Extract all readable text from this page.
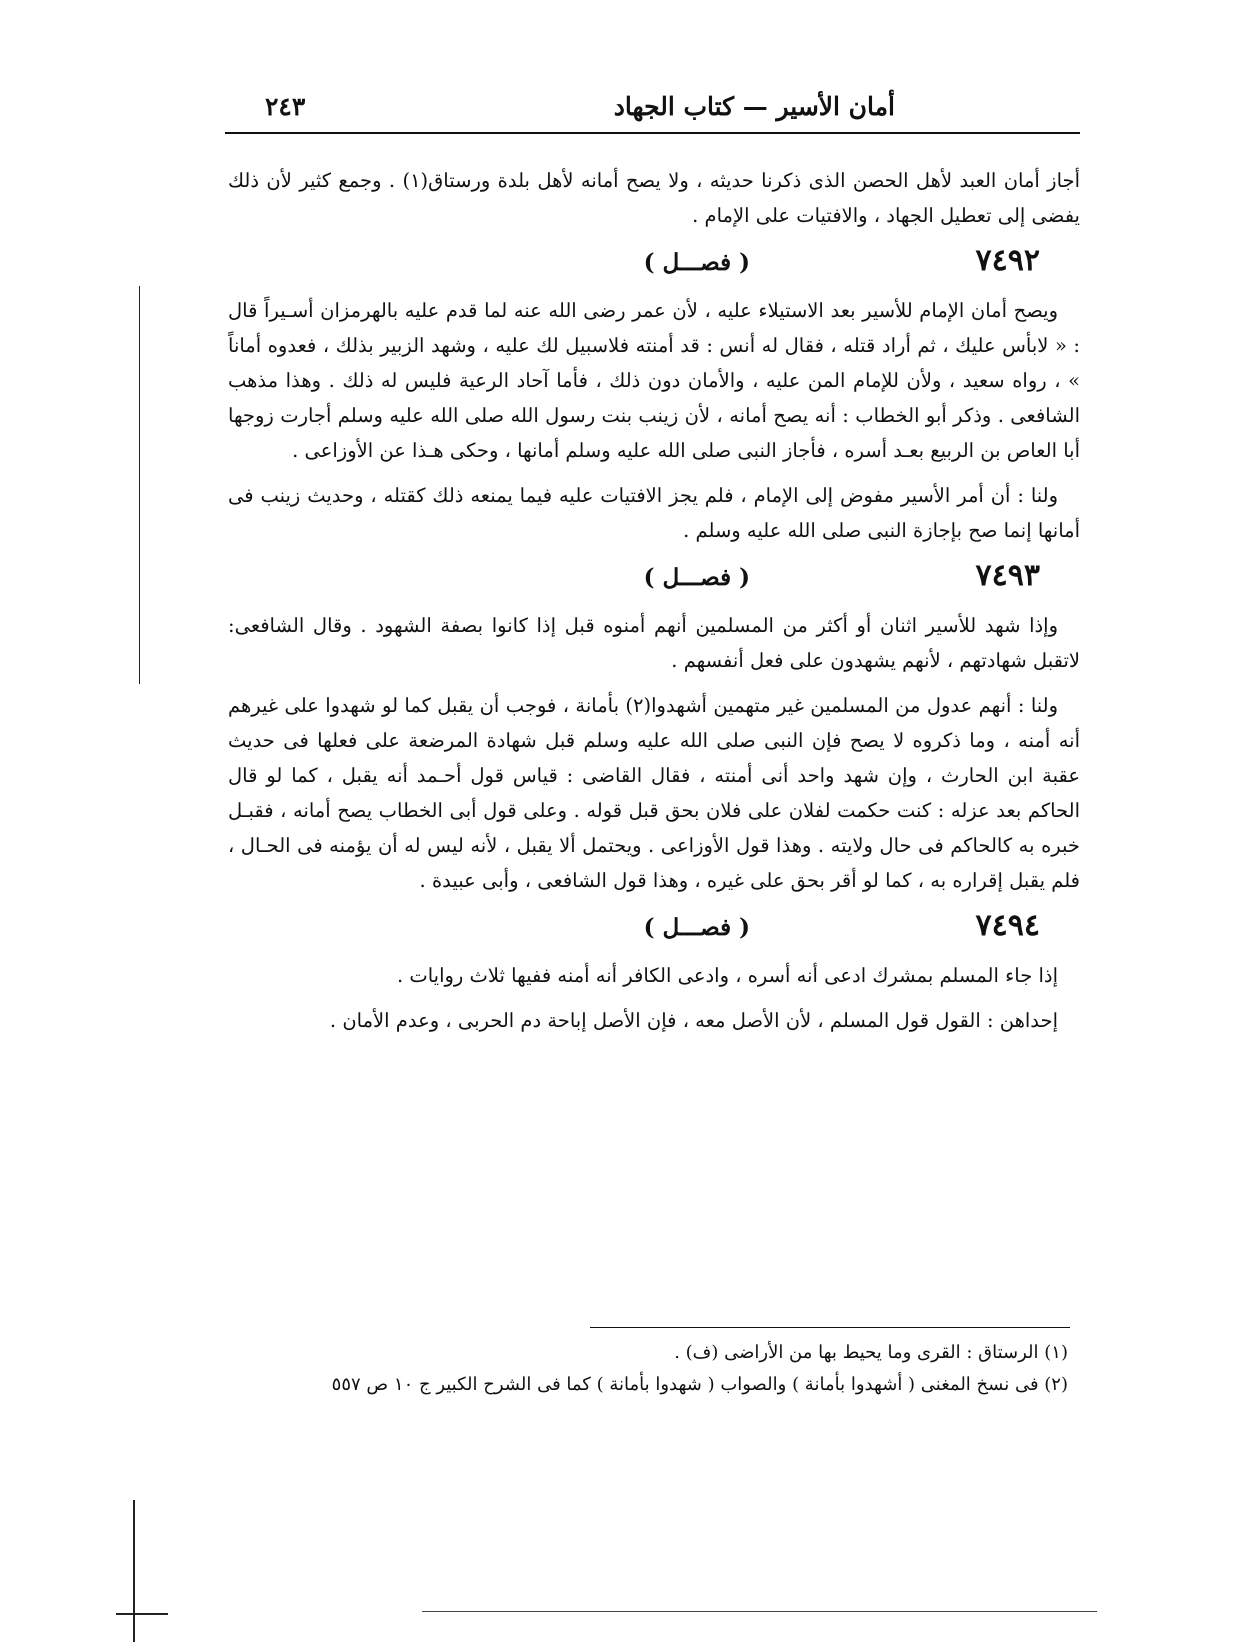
أمان الأسير — كتاب الجهاد
٢٤٣

أجاز أمان العبد لأهل الحصن الذى ذكرنا حديثه ، ولا يصح أمانه لأهل بلدة ورستاق(١) . وجمع كثير لأن ذلك يفضى إلى تعطيل الجهاد ، والافتيات على الإمام .

٧٤٩٢
( فصـــل )

ويصح أمان الإمام للأسير بعد الاستيلاء عليه ، لأن عمر رضى الله عنه لما قدم عليه بالهرمزان أسـيراً قال : « لابأس عليك ، ثم أراد قتله ، فقال له أنس : قد أمنته فلاسبيل لك عليه ، وشهد الزبير بذلك ، فعدوه أماناً » ، رواه سعيد ، ولأن للإمام المن عليه ، والأمان دون ذلك ، فأما آحاد الرعية فليس له ذلك . وهذا مذهب الشافعى . وذكر أبو الخطاب : أنه يصح أمانه ، لأن زينب بنت رسول الله صلى الله عليه وسلم أجارت زوجها أبا العاص بن الربيع بعـد أسره ، فأجاز النبى صلى الله عليه وسلم أمانها ، وحكى هـذا عن الأوزاعى .

ولنا : أن أمر الأسير مفوض إلى الإمام ، فلم يجز الافتيات عليه فيما يمنعه ذلك كقتله ، وحديث زينب فى أمانها إنما صح بإجازة النبى صلى الله عليه وسلم .

٧٤٩٣
( فصـــل )

وإذا شهد للأسير اثنان أو أكثر من المسلمين أنهم أمنوه قبل إذا كانوا بصفة الشهود . وقال الشافعى: لاتقبل شهادتهم ، لأنهم يشهدون على فعل أنفسهم .

ولنا : أنهم عدول من المسلمين غير متهمين أشهدوا(٢) بأمانة ، فوجب أن يقبل كما لو شهدوا على غيرهم أنه أمنه ، وما ذكروه لا يصح فإن النبى صلى الله عليه وسلم قبل شهادة المرضعة على فعلها فى حديث عقبة ابن الحارث ، وإن شهد واحد أنى أمنته ، فقال القاضى : قياس قول أحـمد أنه يقبل ، كما لو قال الحاكم بعد عزله : كنت حكمت لفلان على فلان بحق قبل قوله . وعلى قول أبى الخطاب يصح أمانه ، فقبـل خبره به كالحاكم فى حال ولايته . وهذا قول الأوزاعى . ويحتمل ألا يقبل ، لأنه ليس له أن يؤمنه فى الحـال ، فلم يقبل إقراره به ، كما لو أقر بحق على غيره ، وهذا قول الشافعى ، وأبى عبيدة .

٧٤٩٤
( فصـــل )

إذا جاء المسلم بمشرك ادعى أنه أسره ، وادعى الكافر أنه أمنه ففيها ثلاث روايات .

إحداهن : القول قول المسلم ، لأن الأصل معه ، فإن الأصل إباحة دم الحربى ، وعدم الأمان .

(١) الرستاق : القرى وما يحيط بها من الأراضى (ف) .

(٢) فى نسخ المغنى ( أشهدوا بأمانة ) والصواب ( شهدوا بأمانة ) كما فى الشرح الكبير ج ١٠ ص ٥٥٧
